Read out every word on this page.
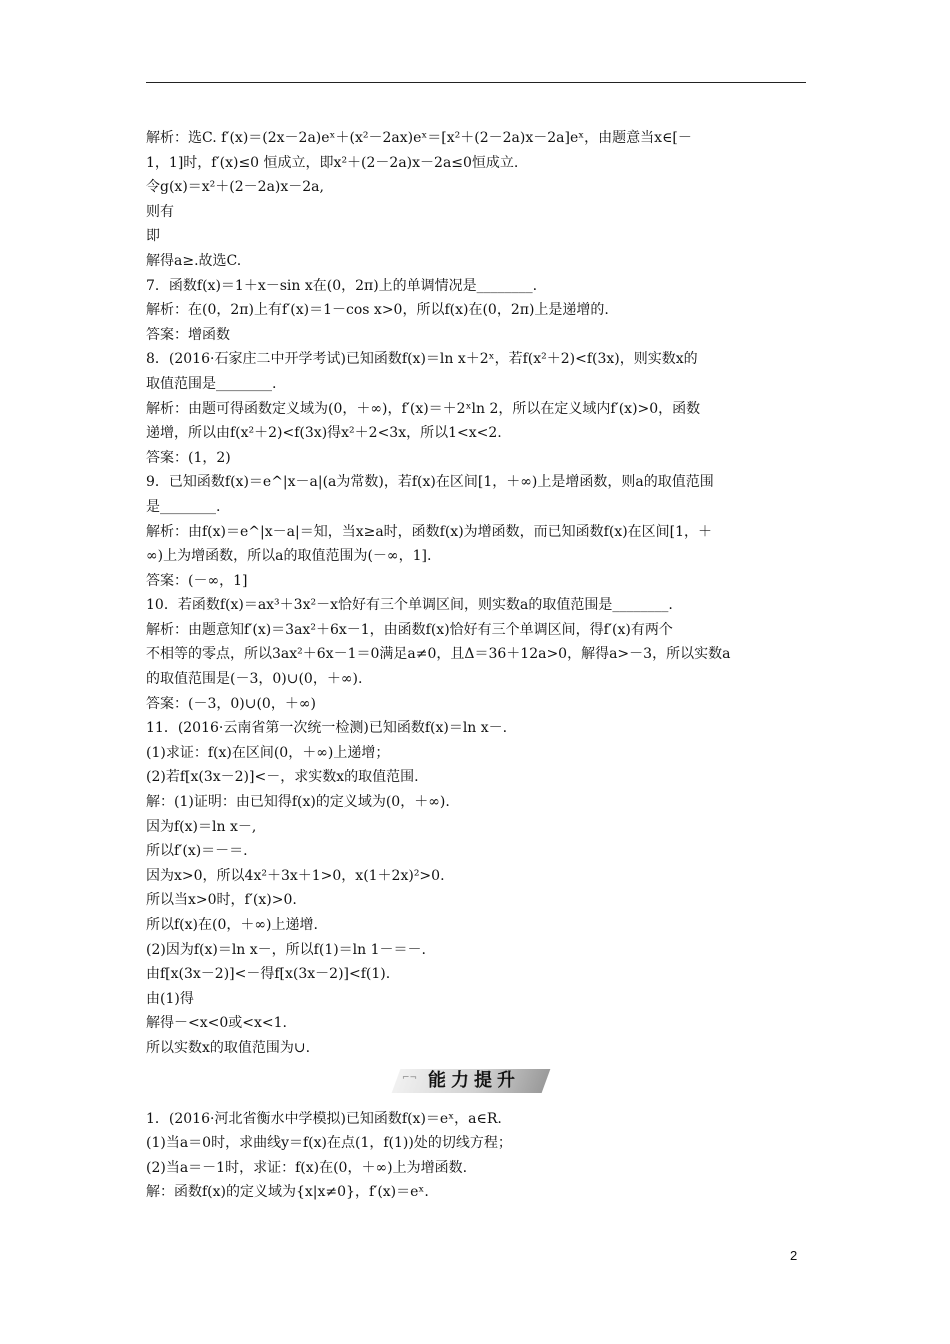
解析：选C. f′(x)＝(2x－2a)eˣ＋(x²－2ax)eˣ＝[x²＋(2－2a)x－2a]eˣ，由题意当x∈[－
1，1]时，f′(x)≤0 恒成立，即x²＋(2－2a)x－2a≤0恒成立.
令g(x)＝x²＋(2－2a)x－2a,
则有
即
解得a≥.故选C.
7．函数f(x)＝1＋x－sin x在(0，2π)上的单调情况是________.
解析：在(0，2π)上有f′(x)＝1－cos x>0，所以f(x)在(0，2π)上是递增的.
答案：增函数
8．(2016·石家庄二中开学考试)已知函数f(x)＝ln x＋2ˣ，若f(x²＋2)<f(3x)，则实数x的
取值范围是________.
解析：由题可得函数定义域为(0，＋∞)，f′(x)＝＋2ˣln 2，所以在定义域内f′(x)>0，函数
递增，所以由f(x²＋2)<f(3x)得x²＋2<3x，所以1<x<2.
答案：(1，2)
9．已知函数f(x)＝e^|x－a|(a为常数)，若f(x)在区间[1，＋∞)上是增函数，则a的取值范围
是________.
解析：由f(x)＝e^|x－a|＝知，当x≥a时，函数f(x)为增函数，而已知函数f(x)在区间[1，＋
∞)上为增函数，所以a的取值范围为(－∞，1].
答案：(－∞，1]
10．若函数f(x)＝ax³＋3x²－x恰好有三个单调区间，则实数a的取值范围是________.
解析：由题意知f′(x)＝3ax²＋6x－1，由函数f(x)恰好有三个单调区间，得f′(x)有两个
不相等的零点，所以3ax²＋6x－1＝0满足a≠0，且Δ＝36＋12a>0，解得a>－3，所以实数a
的取值范围是(－3，0)∪(0，＋∞).
答案：(－3，0)∪(0，＋∞)
11．(2016·云南省第一次统一检测)已知函数f(x)＝ln x－.
(1)求证：f(x)在区间(0，＋∞)上递增；
(2)若f[x(3x－2)]<－，求实数x的取值范围.
解：(1)证明：由已知得f(x)的定义域为(0，＋∞).
因为f(x)＝ln x－,
所以f′(x)＝－＝.
因为x>0，所以4x²＋3x＋1>0，x(1＋2x)²>0.
所以当x>0时，f′(x)>0.
所以f(x)在(0，＋∞)上递增.
(2)因为f(x)＝ln x－，所以f(1)＝ln 1－＝－.
由f[x(3x－2)]<－得f[x(3x－2)]<f(1).
由(1)得
解得－<x<0或<x<1.
所以实数x的取值范围为∪.
⌐¬ 能力提升
1．(2016·河北省衡水中学模拟)已知函数f(x)＝eˣ，a∈R.
(1)当a＝0时，求曲线y＝f(x)在点(1，f(1))处的切线方程；
(2)当a＝－1时，求证：f(x)在(0，＋∞)上为增函数.
解：函数f(x)的定义域为{x|x≠0}，f′(x)＝eˣ.
2
